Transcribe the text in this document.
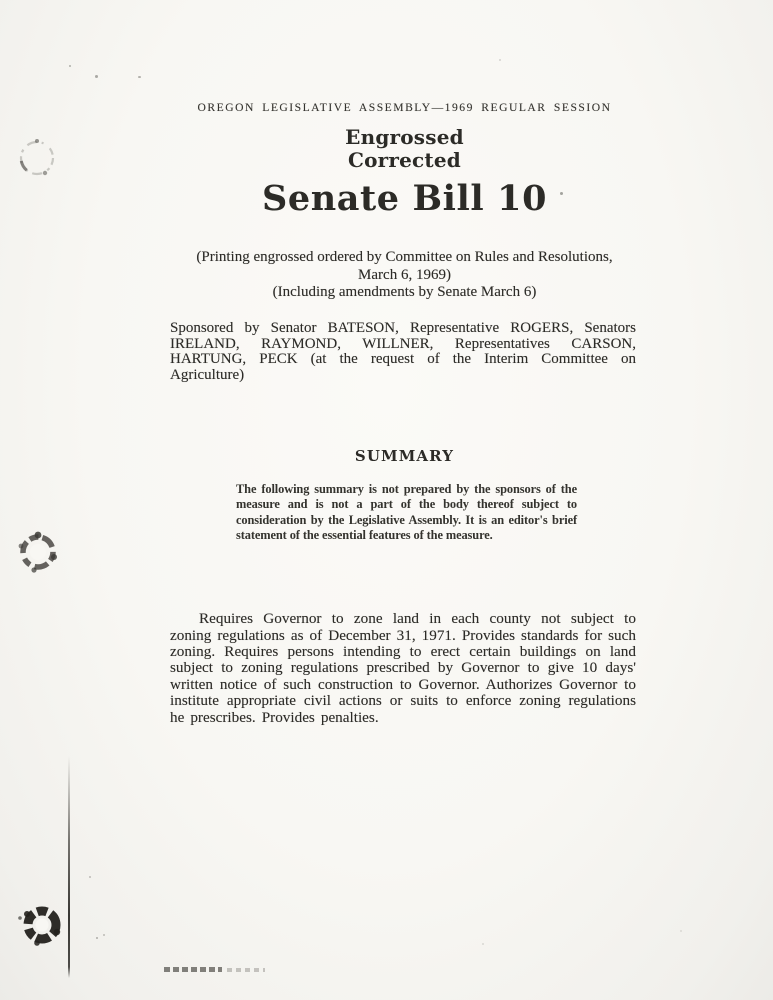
OREGON LEGISLATIVE ASSEMBLY—1969 REGULAR SESSION
Engrossed
Corrected
Senate Bill 10
(Printing engrossed ordered by Committee on Rules and Resolutions,
March 6, 1969)
(Including amendments by Senate March 6)

Sponsored by Senator BATESON, Representative ROGERS, Senators IRELAND, RAYMOND, WILLNER, Representatives CARSON, HARTUNG, PECK (at the request of the Interim Committee on Agriculture)

SUMMARY

The following summary is not prepared by the sponsors of the measure and is not a part of the body thereof subject to consideration by the Legislative Assembly. It is an editor's brief statement of the essential features of the measure.

Requires Governor to zone land in each county not subject to zoning regulations as of December 31, 1971. Provides standards for such zoning. Requires persons intending to erect certain buildings on land subject to zoning regulations prescribed by Governor to give 10 days' written notice of such construction to Governor. Authorizes Governor to institute appropriate civil actions or suits to enforce zoning regulations he prescribes. Provides penalties.
